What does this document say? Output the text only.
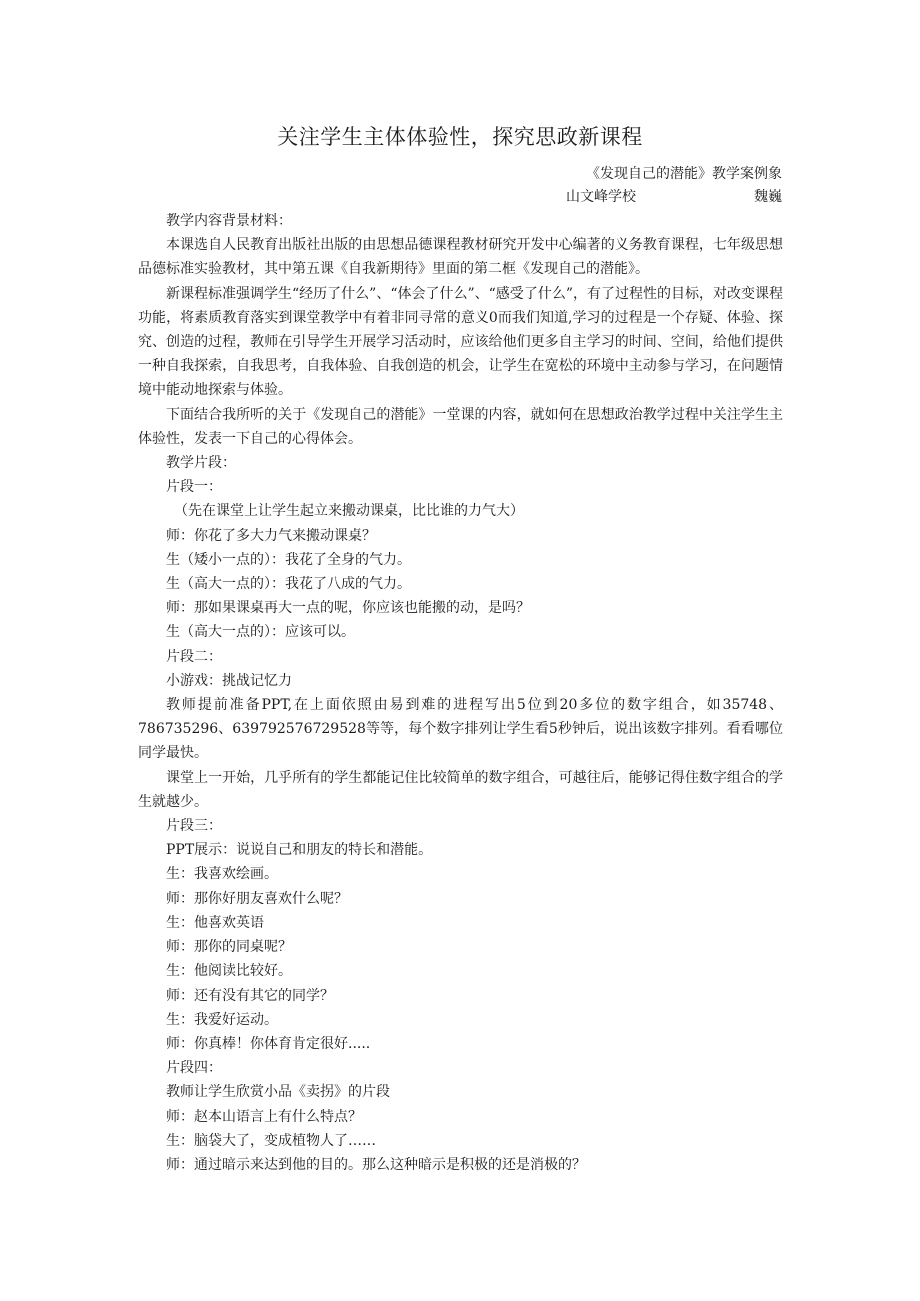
关注学生主体体验性，探究思政新课程
《发现自己的潜能》教学案例象
山文峰学校	魏巍

教学内容背景材料：

本课选自人民教育出版社出版的由思想品德课程教材研究开发中心编著的义务教育课程，七年级思想品德标准实验教材，其中第五课《自我新期待》里面的第二框《发现自己的潜能》。

新课程标准强调学生“经历了什么”、“体会了什么”、“感受了什么”，有了过程性的目标，对改变课程功能，将素质教育落实到课堂教学中有着非同寻常的意义0而我们知道,学习的过程是一个存疑、体验、探究、创造的过程，教师在引导学生开展学习活动时，应该给他们更多自主学习的时间、空间，给他们提供一种自我探索，自我思考，自我体验、自我创造的机会，让学生在宽松的环境中主动参与学习，在问题情境中能动地探索与体验。

下面结合我所听的关于《发现自己的潜能》一堂课的内容，就如何在思想政治教学过程中关注学生主体验性，发表一下自己的心得体会。

教学片段：

片段一：

（先在课堂上让学生起立来搬动课桌，比比谁的力气大）

师：你花了多大力气来搬动课桌？

生（矮小一点的）：我花了全身的气力。

生（高大一点的）：我花了八成的气力。

师：那如果课桌再大一点的呢，你应该也能搬的动，是吗？

生（高大一点的）：应该可以。

片段二：

小游戏：挑战记忆力

教师提前准备PPT,在上面依照由易到难的进程写出5位到20多位的数字组合，如35748、786735296、639792576729528等等，每个数字排列让学生看5秒钟后，说出该数字排列。看看哪位同学最快。

课堂上一开始，几乎所有的学生都能记住比较简单的数字组合，可越往后，能够记得住数字组合的学生就越少。

片段三：

PPT展示：说说自己和朋友的特长和潜能。

生：我喜欢绘画。

师：那你好朋友喜欢什么呢？

生：他喜欢英语

师：那你的同桌呢？

生：他阅读比较好。

师：还有没有其它的同学？

生：我爱好运动。

师：你真棒！你体育肯定很好.....

片段四：

教师让学生欣赏小品《卖拐》的片段

师：赵本山语言上有什么特点？

生：脑袋大了，变成植物人了……

师：通过暗示来达到他的目的。那么这种暗示是积极的还是消极的？
